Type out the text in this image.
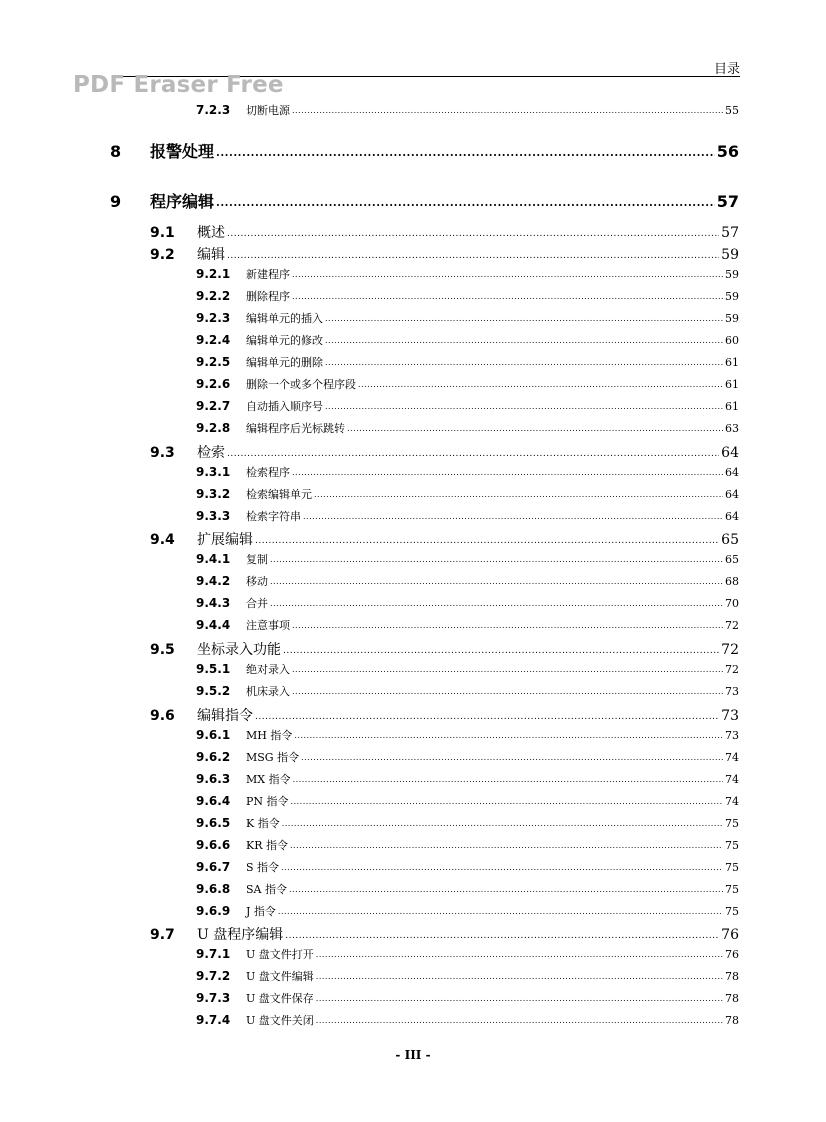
目录
PDF Eraser Free
7.2.3	切断电源 .....	55
8	报警处理 .....	56
9	程序编辑 .....	57
9.1	概述 .....	57
9.2	编辑 .....	59
9.2.1	新建程序 .....	59
9.2.2	删除程序 .....	59
9.2.3	编辑单元的插入 .....	59
9.2.4	编辑单元的修改 .....	60
9.2.5	编辑单元的删除 .....	61
9.2.6	删除一个或多个程序段 .....	61
9.2.7	自动插入顺序号 .....	61
9.2.8	编辑程序后光标跳转 .....	63
9.3	检索 .....	64
9.3.1	检索程序 .....	64
9.3.2	检索编辑单元 .....	64
9.3.3	检索字符串 .....	64
9.4	扩展编辑 .....	65
9.4.1	复制 .....	65
9.4.2	移动 .....	68
9.4.3	合并 .....	70
9.4.4	注意事项 .....	72
9.5	坐标录入功能 .....	72
9.5.1	绝对录入 .....	72
9.5.2	机床录入 .....	73
9.6	编辑指令 .....	73
9.6.1	MH 指令 .....	73
9.6.2	MSG 指令 .....	74
9.6.3	MX 指令 .....	74
9.6.4	PN 指令 .....	74
9.6.5	K 指令 .....	75
9.6.6	KR 指令 .....	75
9.6.7	S 指令 .....	75
9.6.8	SA 指令 .....	75
9.6.9	J 指令 .....	75
9.7	U 盘程序编辑 .....	76
9.7.1	U 盘文件打开 .....	76
9.7.2	U 盘文件编辑 .....	78
9.7.3	U 盘文件保存 .....	78
9.7.4	U 盘文件关闭 .....	78
- III -
